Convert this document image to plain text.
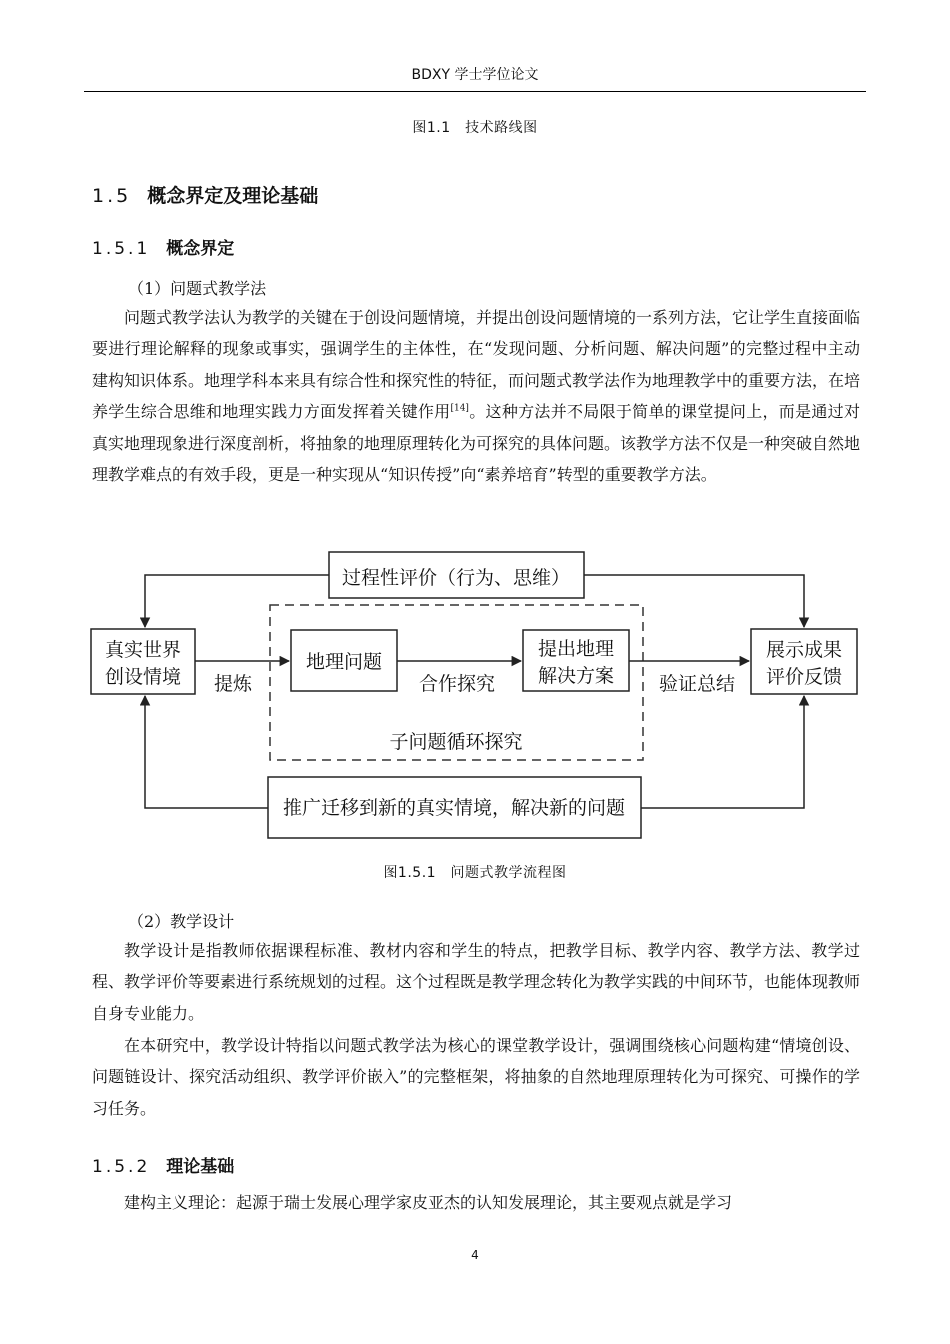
BDXY 学士学位论文
图1.1　技术路线图
1.5 概念界定及理论基础
1.5.1 概念界定
（1）问题式教学法

问题式教学法认为教学的关键在于创设问题情境，并提出创设问题情境的一系列方法，它让学生直接面临要进行理论解释的现象或事实，强调学生的主体性，在“发现问题、分析问题、解决问题”的完整过程中主动建构知识体系。地理学科本来具有综合性和探究性的特征，而问题式教学法作为地理教学中的重要方法，在培养学生综合思维和地理实践力方面发挥着关键作用[14]。这种方法并不局限于简单的课堂提问上，而是通过对真实地理现象进行深度剖析，将抽象的地理原理转化为可探究的具体问题。该教学方法不仅是一种突破自然地理教学难点的有效手段，更是一种实现从“知识传授”向“素养培育”转型的重要教学方法。

过程性评价（行为、思维）
真实世界
创设情境
地理问题
提出地理
解决方案
展示成果
评价反馈
推广迁移到新的真实情境，解决新的问题
提炼	合作探究	验证总结
子问题循环探究
图1.5.1　问题式教学流程图
（2）教学设计

教学设计是指教师依据课程标准、教材内容和学生的特点，把教学目标、教学内容、教学方法、教学过程、教学评价等要素进行系统规划的过程。这个过程既是教学理念转化为教学实践的中间环节，也能体现教师自身专业能力。

在本研究中，教学设计特指以问题式教学法为核心的课堂教学设计，强调围绕核心问题构建“情境创设、问题链设计、探究活动组织、教学评价嵌入”的完整框架，将抽象的自然地理原理转化为可探究、可操作的学习任务。

1.5.2 理论基础

建构主义理论：起源于瑞士发展心理学家皮亚杰的认知发展理论，其主要观点就是学习

4
